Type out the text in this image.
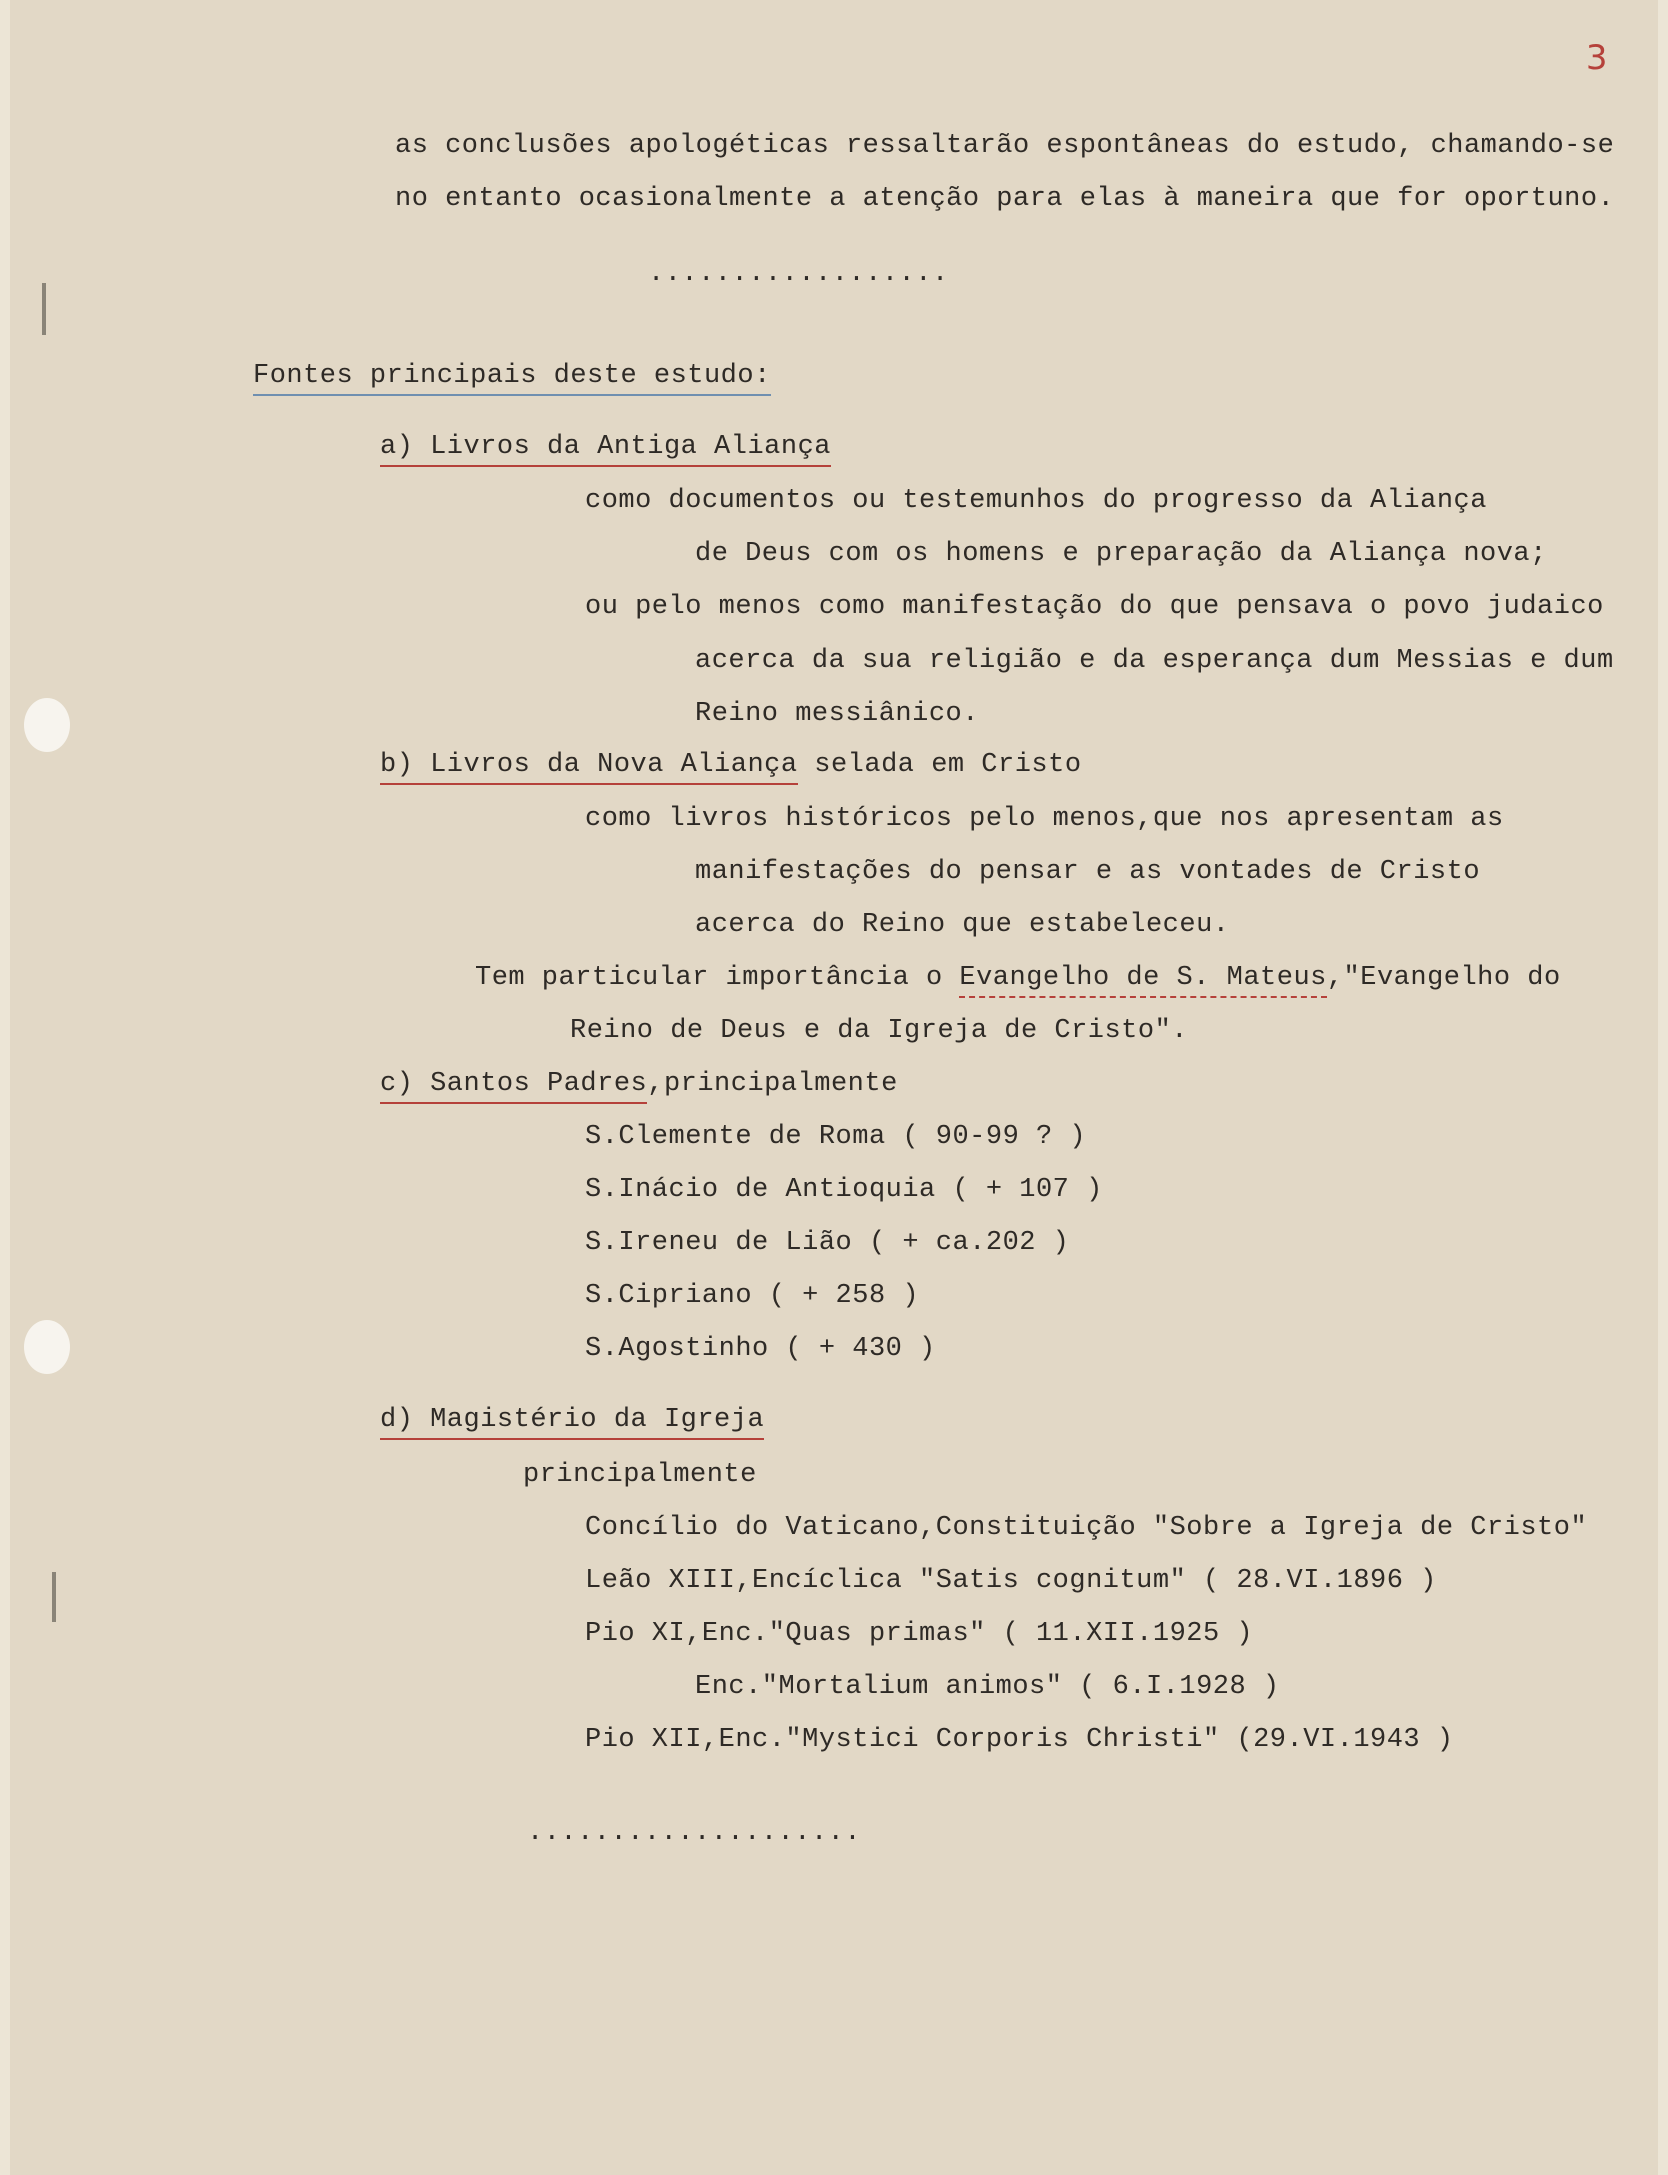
3
as conclusões apologéticas ressaltarão espontâneas do estudo, chamando-se
no entanto ocasionalmente a atenção para elas à maneira que for oportuno.
..................
Fontes principais deste estudo:
a) Livros da Antiga Aliança
como documentos ou testemunhos do progresso da Aliança
de Deus com os homens e preparação da Aliança nova;
ou pelo menos como manifestação do que pensava o povo judaico
acerca da sua religião e da esperança dum Messias e dum
Reino messiânico.
b) Livros da Nova Aliança selada em Cristo
como livros históricos pelo menos,que nos apresentam as
manifestações do pensar e as vontades de Cristo
acerca do Reino que estabeleceu.
Tem particular importância o Evangelho de S. Mateus,"Evangelho do
Reino de Deus e da Igreja de Cristo".
c) Santos Padres,principalmente
S.Clemente de Roma ( 90-99 ? )
S.Inácio de Antioquia ( + 107 )
S.Ireneu de Lião ( + ca.202 )
S.Cipriano ( + 258 )
S.Agostinho ( + 430 )
d) Magistério da Igreja
principalmente
Concílio do Vaticano,Constituição "Sobre a Igreja de Cristo"
Leão XIII,Encíclica "Satis cognitum" ( 28.VI.1896 )
Pio XI,Enc."Quas primas" ( 11.XII.1925 )
Enc."Mortalium animos" ( 6.I.1928 )
Pio XII,Enc."Mystici Corporis Christi" (29.VI.1943 )
....................
